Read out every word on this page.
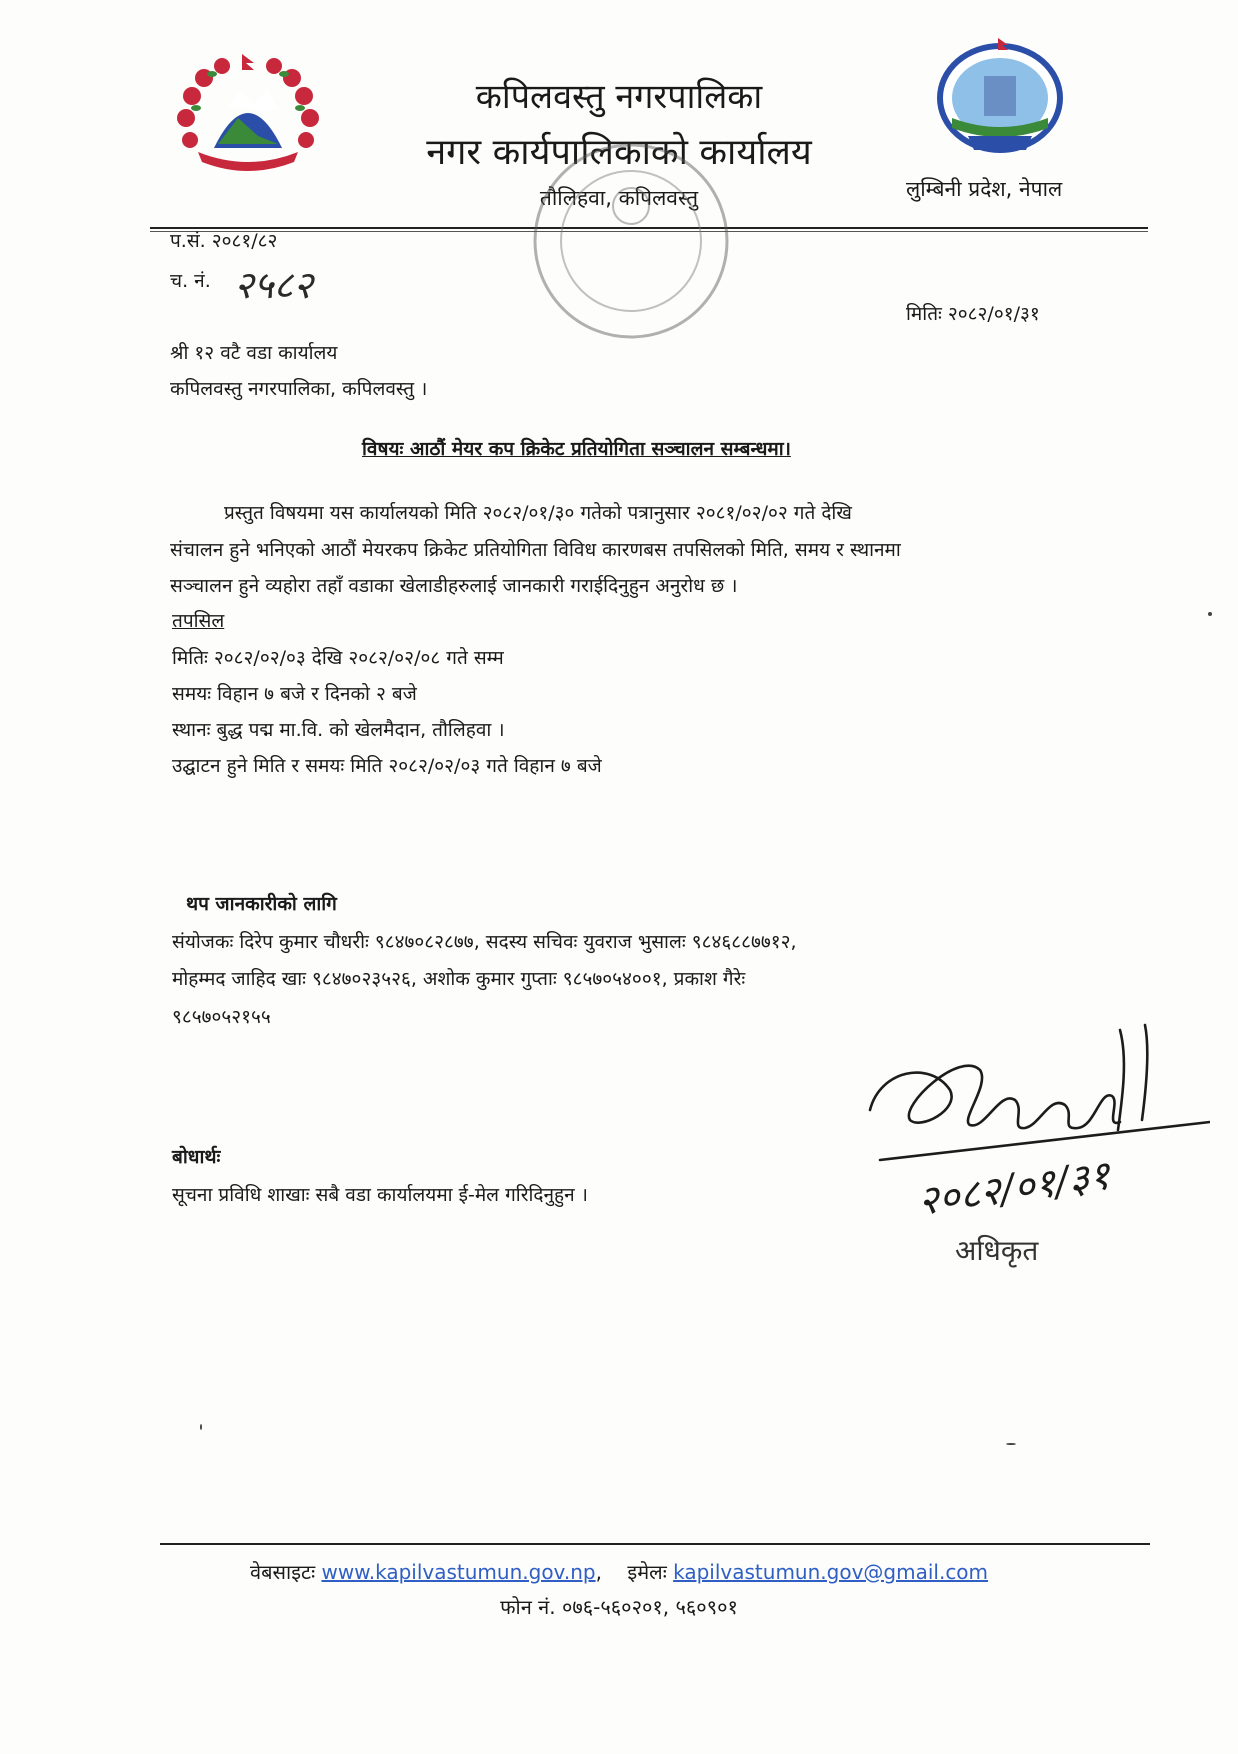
कपिलवस्तु नगरपालिका
नगर कार्यपालिकाको कार्यालय
तौलिहवा, कपिलवस्तु	लुम्बिनी प्रदेश, नेपाल
प.सं. २०८१/८२
च. नं. २५८२
मितिः २०८२/०१/३१
श्री १२ वटै वडा कार्यालय
कपिलवस्तु नगरपालिका, कपिलवस्तु ।
विषयः आठौं मेयर कप क्रिकेट प्रतियोगिता सञ्चालन सम्बन्धमा।
प्रस्तुत विषयमा यस कार्यालयको मिति २०८२/०१/३० गतेको पत्रानुसार २०८१/०२/०२ गते देखि
संचालन हुने भनिएको आठौं मेयरकप क्रिकेट प्रतियोगिता विविध कारणबस तपसिलको मिति, समय र स्थानमा
सञ्चालन हुने व्यहोरा तहाँ वडाका खेलाडीहरुलाई जानकारी गराईदिनुहुन अनुरोध छ ।
तपसिल
मितिः २०८२/०२/०३ देखि २०८२/०२/०८ गते सम्म
समयः विहान ७ बजे र दिनको २ बजे
स्थानः बुद्ध पद्म मा.वि. को खेलमैदान, तौलिहवा ।
उद्घाटन हुने मिति र समयः मिति २०८२/०२/०३ गते विहान ७ बजे
थप जानकारीको लागि
संयोजकः दिरेप कुमार चौधरीः ९८४७०८२८७७, सदस्य सचिवः युवराज भुसालः ९८४६८८७७१२,
मोहम्मद जाहिद खाः ९८४७०२३५२६, अशोक कुमार गुप्ताः ९८५७०५४००१, प्रकाश गैरेः
९८५७०५२१५५
बोधार्थः
सूचना प्रविधि शाखाः सबै वडा कार्यालयमा ई-मेल गरिदिनुहुन ।	२०८२/०१/३१
अधिकृत
वेबसाइटः www.kapilvastumun.gov.np,    इमेलः kapilvastumun.gov@gmail.com
फोन नं. ०७६-५६०२०१, ५६०९०१
